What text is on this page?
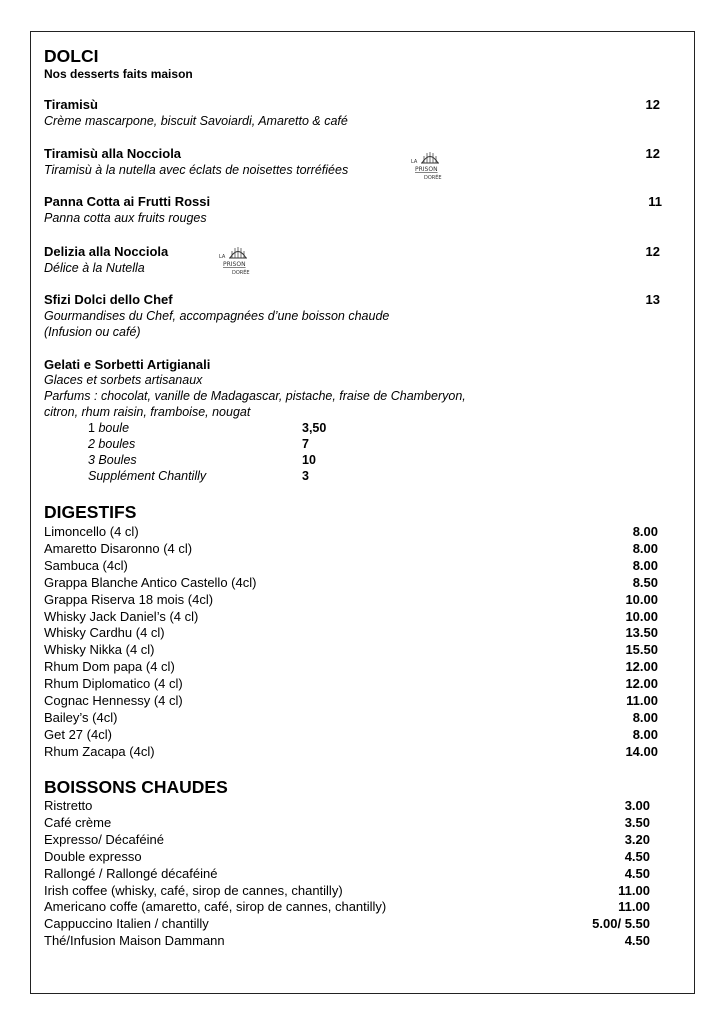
DOLCI
Nos desserts faits maison
Tiramisù
Crème mascarpone, biscuit Savoiardi, Amaretto & café
12
Tiramisù alla Nocciola
Tiramisù à la nutella avec éclats de noisettes torréfiées
12
LA
PRISON
DORÉE
Panna Cotta ai Frutti Rossi
Panna cotta aux fruits rouges
11
Delizia alla Nocciola
Délice à la Nutella
12
LA
PRISON
DORÉE
Sfizi Dolci dello Chef
Gourmandises du Chef, accompagnées d’une boisson chaude
(Infusion ou café)
13
Gelati e Sorbetti Artigianali
Glaces et sorbets artisanaux
Parfums : chocolat, vanille de Madagascar, pistache, fraise de Chamberyon,
citron, rhum raisin, framboise, nougat
1 boule	3,50
2 boules	7
3 Boules	10
Supplément Chantilly	3
DIGESTIFS
Limoncello (4 cl)	8.00
Amaretto Disaronno (4 cl)	8.00
Sambuca (4cl)	8.00
Grappa Blanche Antico Castello (4cl)	8.50
Grappa Riserva 18 mois (4cl)	10.00
Whisky Jack Daniel’s (4 cl)	10.00
Whisky Cardhu (4 cl)	13.50
Whisky Nikka (4 cl)	15.50
Rhum Dom papa (4 cl)	12.00
Rhum Diplomatico (4 cl)	12.00
Cognac Hennessy (4 cl)	11.00
Bailey’s (4cl)	8.00
Get 27 (4cl)	8.00
Rhum Zacapa (4cl)	14.00
BOISSONS CHAUDES
Ristretto	3.00
Café crème	3.50
Expresso/ Décaféiné	3.20
Double expresso	4.50
Rallongé / Rallongé décaféiné	4.50
Irish coffee (whisky, café, sirop de cannes, chantilly)	11.00
Americano coffe (amaretto, café, sirop de cannes, chantilly)	11.00
Cappuccino Italien / chantilly	5.00/ 5.50
Thé/Infusion Maison Dammann	4.50
